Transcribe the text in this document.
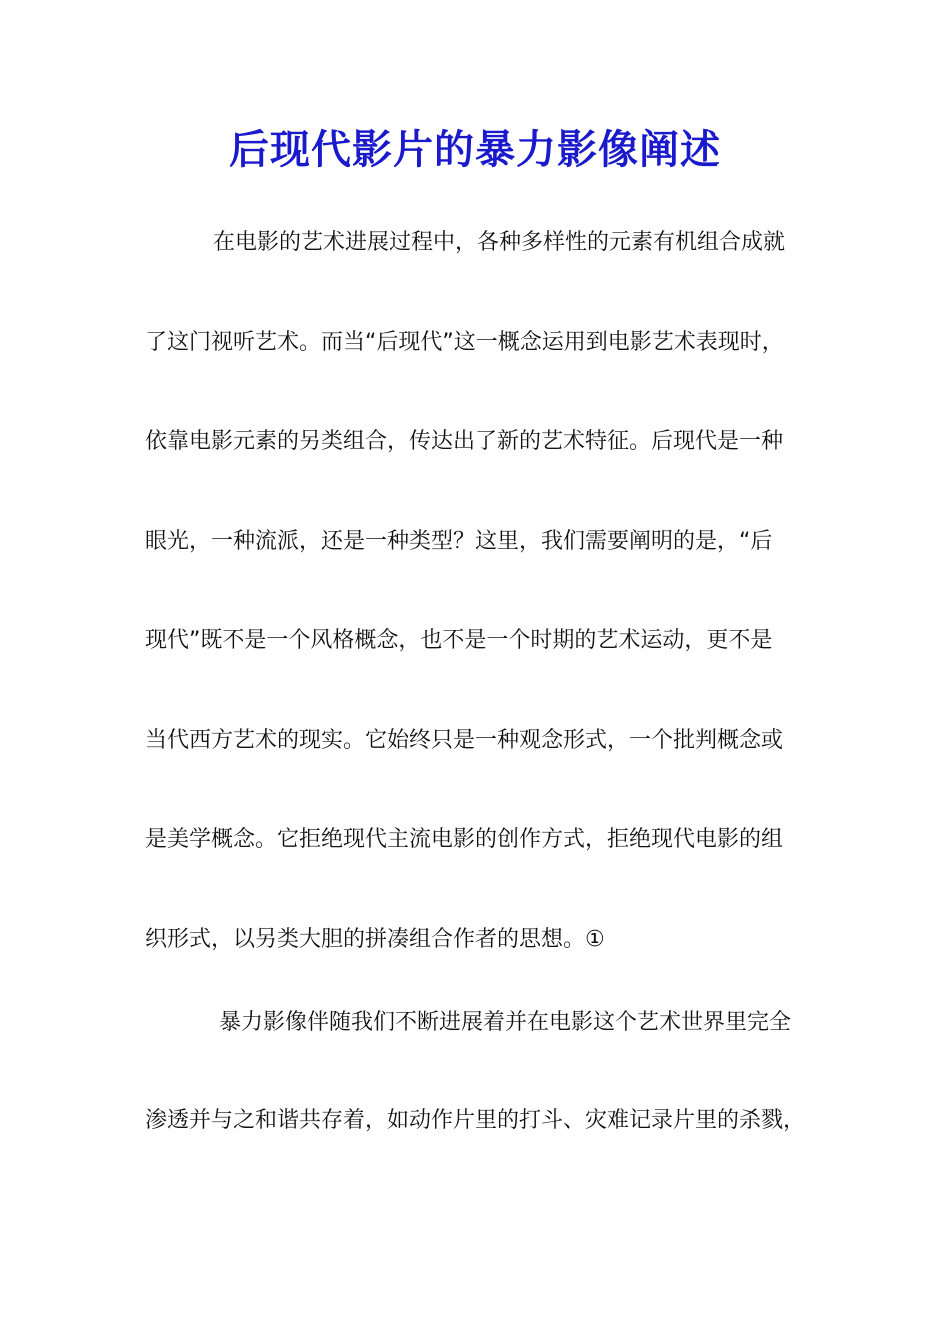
后现代影片的暴力影像阐述
在电影的艺术进展过程中，各种多样性的元素有机组合成就
了这门视听艺术。而当“后现代”这一概念运用到电影艺术表现时，
依靠电影元素的另类组合，传达出了新的艺术特征。后现代是一种
眼光，一种流派，还是一种类型？这里，我们需要阐明的是，“后
现代”既不是一个风格概念，也不是一个时期的艺术运动，更不是
当代西方艺术的现实。它始终只是一种观念形式，一个批判概念或
是美学概念。它拒绝现代主流电影的创作方式，拒绝现代电影的组
织形式，以另类大胆的拼凑组合作者的思想。①
暴力影像伴随我们不断进展着并在电影这个艺术世界里完全
渗透并与之和谐共存着，如动作片里的打斗、灾难记录片里的杀戮，
